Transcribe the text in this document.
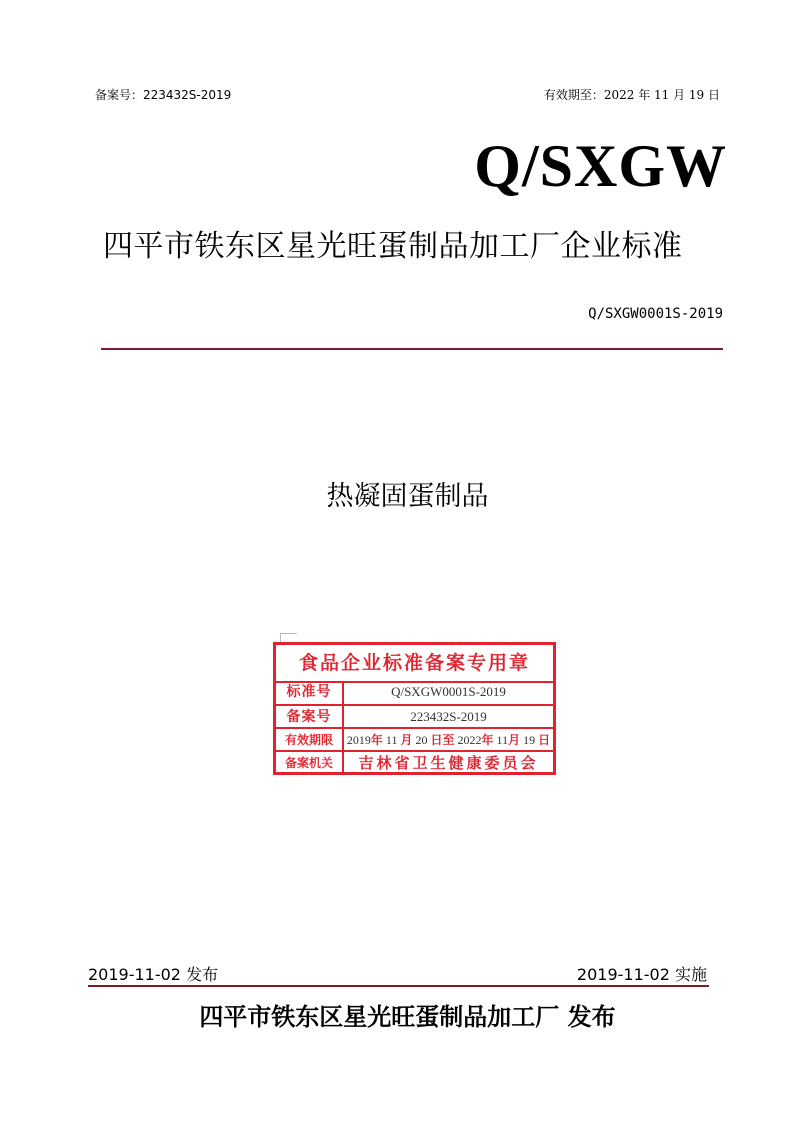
备案号：223432S-2019	有效期至：2022 年 11 月 19 日
Q/SXGW
四平市铁东区星光旺蛋制品加工厂企业标准
Q/SXGW0001S-2019
热凝固蛋制品
食品企业标准备案专用章
标准号	Q/SXGW0001S-2019
备案号	223432S-2019
有效期限	2019年 11 月 20 日至 2022年 11月 19 日
备案机关	吉林省卫生健康委员会
2019-11-02 发布	2019-11-02 实施
四平市铁东区星光旺蛋制品加工厂 发布
